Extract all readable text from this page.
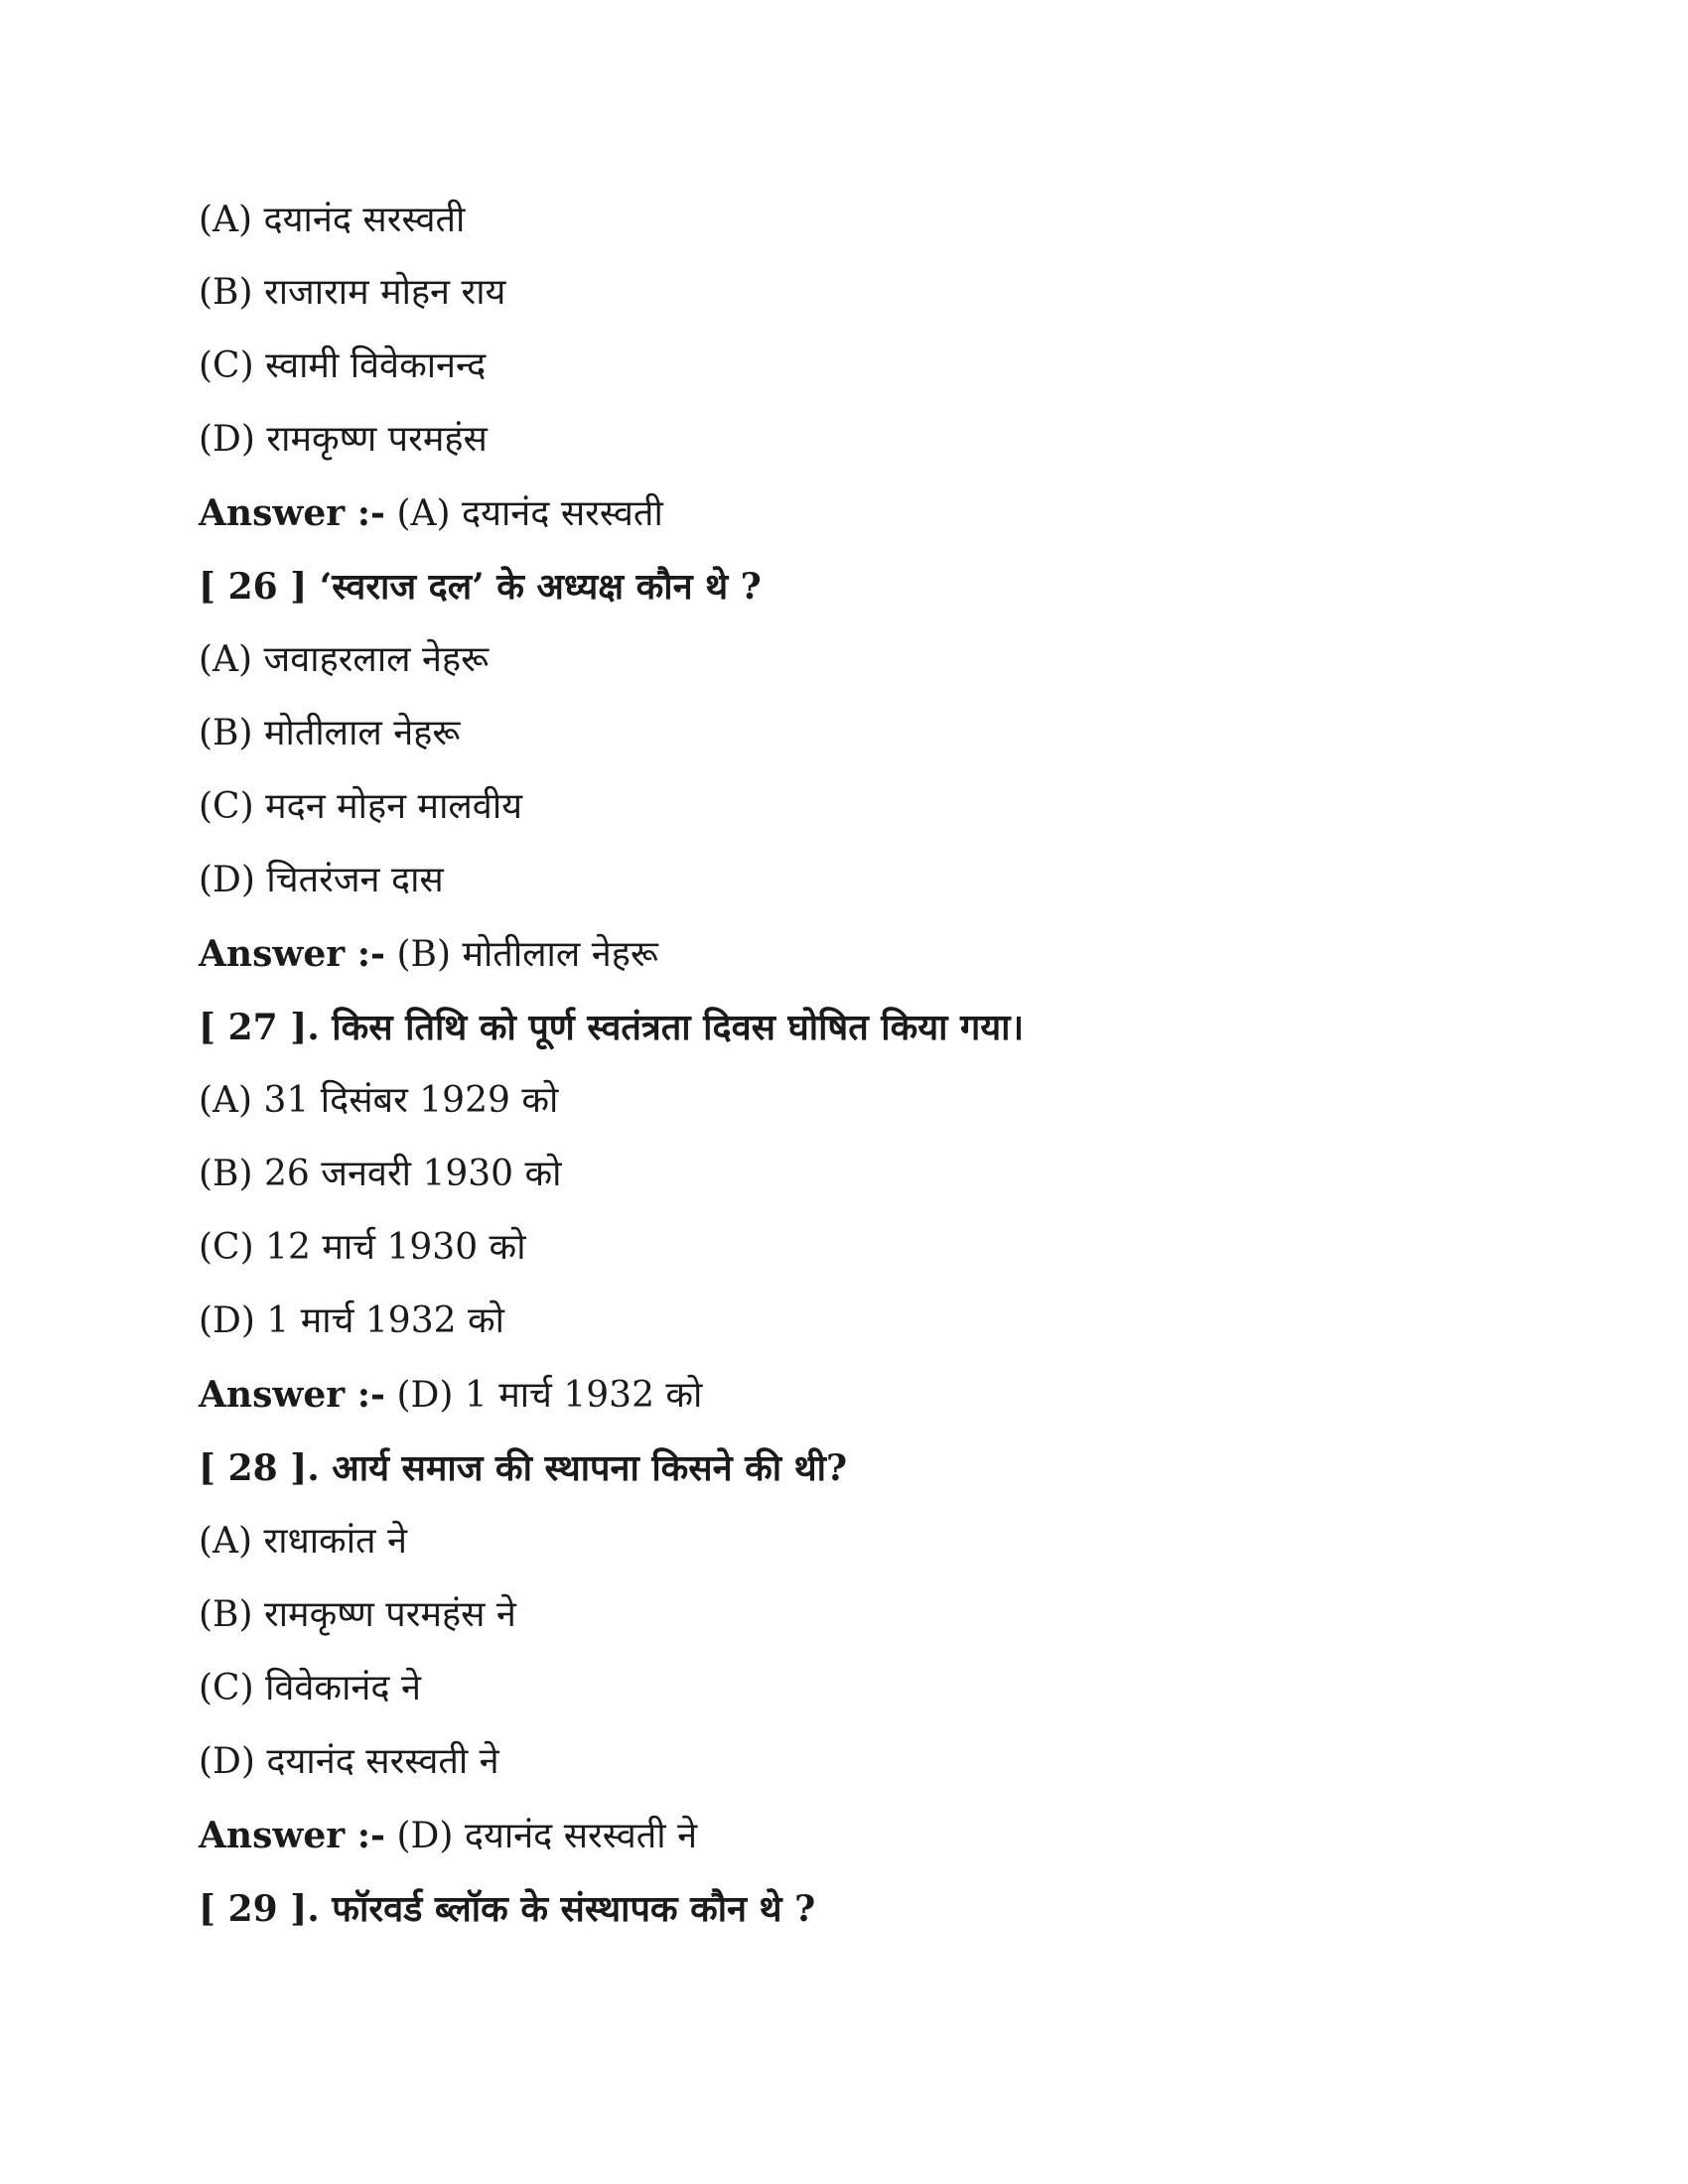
(A) दयानंद सरस्वती
(B) राजाराम मोहन राय
(C) स्वामी विवेकानन्द
(D) रामकृष्ण परमहंस
Answer :- (A) दयानंद सरस्वती
[ 26 ] ‘स्वराज दल’ के अध्यक्ष कौन थे ?
(A) जवाहरलाल नेहरू
(B) मोतीलाल नेहरू
(C) मदन मोहन मालवीय
(D) चितरंजन दास
Answer :- (B) मोतीलाल नेहरू
[ 27 ]. किस तिथि को पूर्ण स्वतंत्रता दिवस घोषित किया गया।
(A) 31 दिसंबर 1929 को
(B) 26 जनवरी 1930 को
(C) 12 मार्च 1930 को
(D) 1 मार्च 1932 को
Answer :- (D) 1 मार्च 1932 को
[ 28 ]. आर्य समाज की स्थापना किसने की थी?
(A) राधाकांत ने
(B) रामकृष्ण परमहंस ने
(C) विवेकानंद ने
(D) दयानंद सरस्वती ने
Answer :- (D) दयानंद सरस्वती ने
[ 29 ]. फॉरवर्ड ब्लॉक के संस्थापक कौन थे ?
